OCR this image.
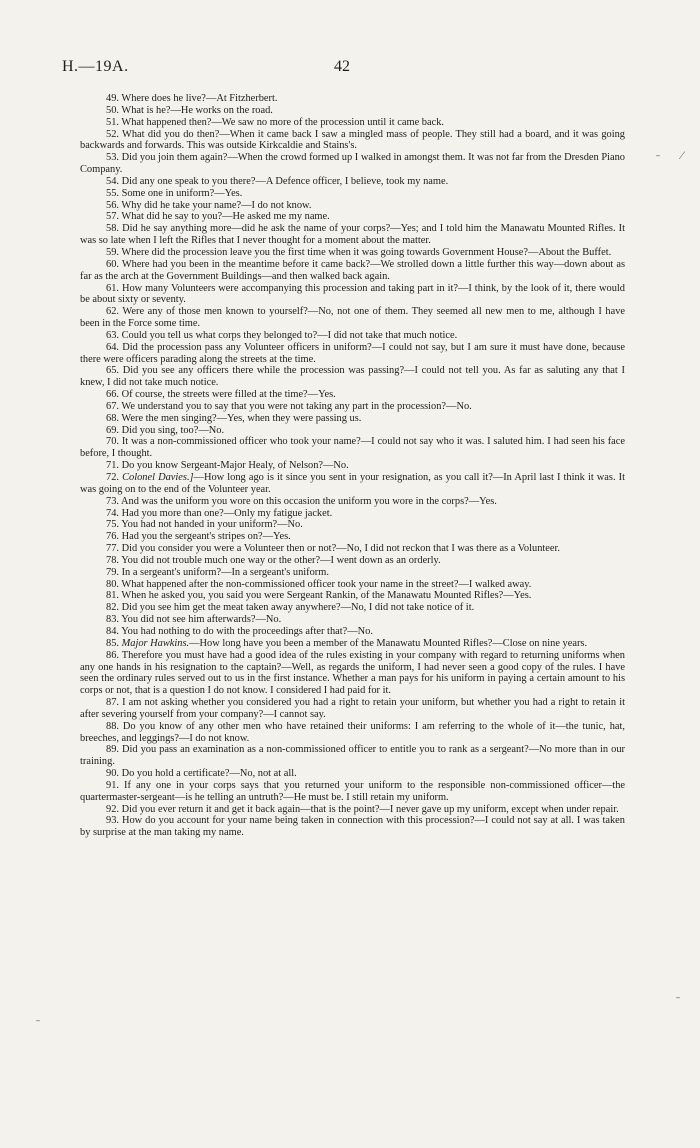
H.—19A.	42

49. Where does he live?—At Fitzherbert.

50. What is he?—He works on the road.

51. What happened then?—We saw no more of the procession until it came back.

52. What did you do then?—When it came back I saw a mingled mass of people. They still had a board, and it was going backwards and forwards. This was outside Kirkcaldie and Stains's.

53. Did you join them again?—When the crowd formed up I walked in amongst them. It was not far from the Dresden Piano Company.

54. Did any one speak to you there?—A Defence officer, I believe, took my name.

55. Some one in uniform?—Yes.

56. Why did he take your name?—I do not know.

57. What did he say to you?—He asked me my name.

58. Did he say anything more—did he ask the name of your corps?—Yes; and I told him the Manawatu Mounted Rifles. It was so late when I left the Rifles that I never thought for a moment about the matter.

59. Where did the procession leave you the first time when it was going towards Government House?—About the Buffet.

60. Where had you been in the meantime before it came back?—We strolled down a little further this way—down about as far as the arch at the Government Buildings—and then walked back again.

61. How many Volunteers were accompanying this procession and taking part in it?—I think, by the look of it, there would be about sixty or seventy.

62. Were any of those men known to yourself?—No, not one of them. They seemed all new men to me, although I have been in the Force some time.

63. Could you tell us what corps they belonged to?—I did not take that much notice.

64. Did the procession pass any Volunteer officers in uniform?—I could not say, but I am sure it must have done, because there were officers parading along the streets at the time.

65. Did you see any officers there while the procession was passing?—I could not tell you. As far as saluting any that I knew, I did not take much notice.

66. Of course, the streets were filled at the time?—Yes.

67. We understand you to say that you were not taking any part in the procession?—No.

68. Were the men singing?—Yes, when they were passing us.

69. Did you sing, too?—No.

70. It was a non-commissioned officer who took your name?—I could not say who it was. I saluted him. I had seen his face before, I thought.

71. Do you know Sergeant-Major Healy, of Nelson?—No.

72. Colonel Davies.]—How long ago is it since you sent in your resignation, as you call it?—In April last I think it was. It was going on to the end of the Volunteer year.

73. And was the uniform you wore on this occasion the uniform you wore in the corps?—Yes.

74. Had you more than one?—Only my fatigue jacket.

75. You had not handed in your uniform?—No.

76. Had you the sergeant's stripes on?—Yes.

77. Did you consider you were a Volunteer then or not?—No, I did not reckon that I was there as a Volunteer.

78. You did not trouble much one way or the other?—I went down as an orderly.

79. In a sergeant's uniform?—In a sergeant's uniform.

80. What happened after the non-commissioned officer took your name in the street?—I walked away.

81. When he asked you, you said you were Sergeant Rankin, of the Manawatu Mounted Rifles?—Yes.

82. Did you see him get the meat taken away anywhere?—No, I did not take notice of it.

83. You did not see him afterwards?—No.

84. You had nothing to do with the proceedings after that?—No.

85. Major Hawkins.—How long have you been a member of the Manawatu Mounted Rifles?—Close on nine years.

86. Therefore you must have had a good idea of the rules existing in your company with regard to returning uniforms when any one hands in his resignation to the captain?—Well, as regards the uniform, I had never seen a good copy of the rules. I have seen the ordinary rules served out to us in the first instance. Whether a man pays for his uniform in paying a certain amount to his corps or not, that is a question I do not know. I considered I had paid for it.

87. I am not asking whether you considered you had a right to retain your uniform, but whether you had a right to retain it after severing yourself from your company?—I cannot say.

88. Do you know of any other men who have retained their uniforms: I am referring to the whole of it—the tunic, hat, breeches, and leggings?—I do not know.

89. Did you pass an examination as a non-commissioned officer to entitle you to rank as a sergeant?—No more than in our training.

90. Do you hold a certificate?—No, not at all.

91. If any one in your corps says that you returned your uniform to the responsible non-commissioned officer—the quartermaster-sergeant—is he telling an untruth?—He must be. I still retain my uniform.

92. Did you ever return it and get it back again—that is the point?—I never gave up my uniform, except when under repair.

93. How do you account for your name being taken in connection with this procession?—I could not say at all. I was taken by surprise at the man taking my name.

˗ ⁄
˗
˗
